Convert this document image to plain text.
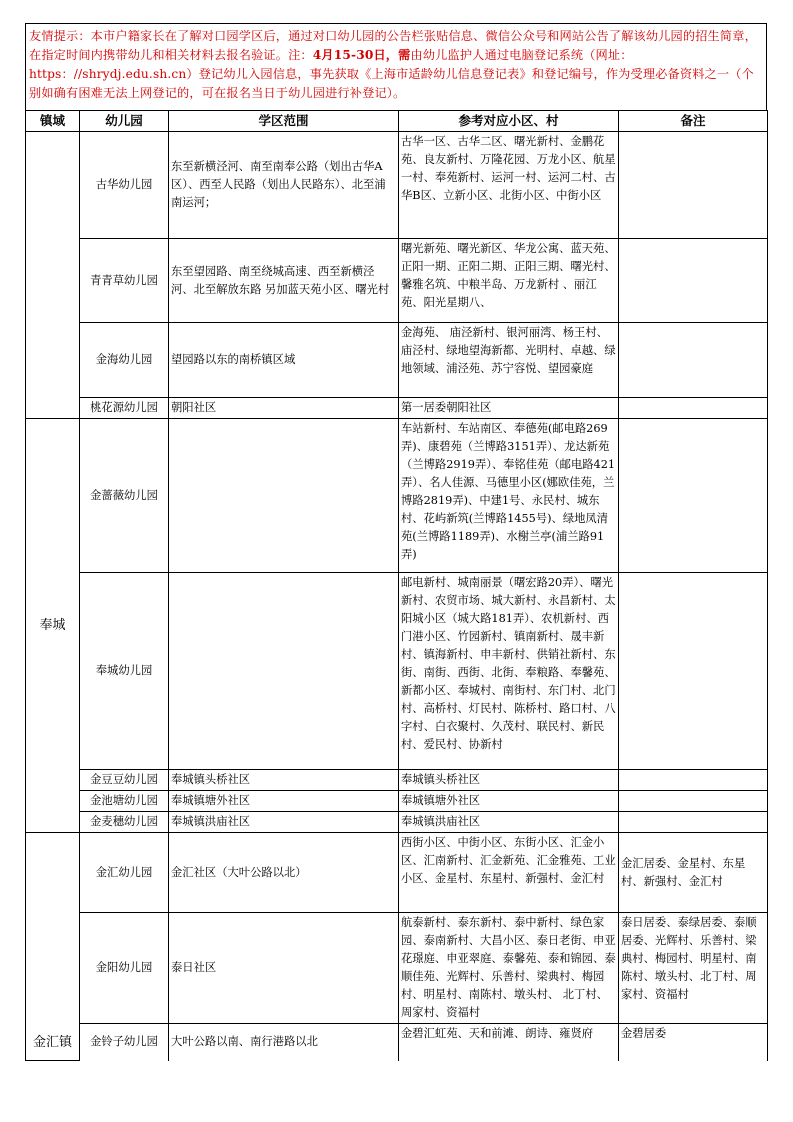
友情提示：本市户籍家长在了解对口园学区后，通过对口幼儿园的公告栏张贴信息、微信公众号和网站公告了解该幼儿园的招生简章，在指定时间内携带幼儿和相关材料去报名验证。注：4月15-30日，需由幼儿监护人通过电脑登记系统（网址：https：//shrydj.edu.sh.cn）登记幼儿入园信息，事先获取《上海市适龄幼儿信息登记表》和登记编号，作为受理必备资料之一（个别如确有困难无法上网登记的，可在报名当日于幼儿园进行补登记）。
镇域	幼儿园	学区范围	参考对应小区、村	备注
	古华幼儿园	东至新横泾河、南至南奉公路（划出古华A区）、西至人民路（划出人民路东）、北至浦南运河；	古华一区、古华二区、曙光新村、金鹏花苑、良友新村、万隆花园、万龙小区、航星一村、奉苑新村、运河一村、运河二村、古华B区、立新小区、北街小区、中街小区	
	青青草幼儿园	东至望园路、南至绕城高速、西至新横泾河、北至解放东路 另加蓝天苑小区、曙光村	曙光新苑、曙光新区、华龙公寓、蓝天苑、正阳一期、正阳二期、正阳三期、曙光村、馨雅名筑、中粮半岛、万龙新村 、丽江苑、阳光星期八、	
	金海幼儿园	望园路以东的南桥镇区域	金海苑、 庙泾新村、银河丽湾、杨王村、庙泾村、绿地望海新都、光明村、卓越、绿地领域、浦泾苑、苏宁容悦、望园豪庭	
	桃花源幼儿园	朝阳社区	第一居委朝阳社区	
奉城	金蔷薇幼儿园		车站新村、车站南区、奉德苑(邮电路269弄)、康碧苑（兰博路3151弄）、龙达新苑（兰博路2919弄）、奉铭佳苑（邮电路421弄）、名人佳源、马德里小区(娜欧佳苑，兰博路2819弄)、中建1号、永民村、城东村、花屿新筑(兰博路1455号)、绿地凤清苑(兰博路1189弄)、水榭兰亭(浦兰路91弄)	
	奉城幼儿园		邮电新村、城南丽景（曙宏路20弄）、曙光新村、农贸市场、城大新村、永昌新村、太阳城小区（城大路181弄）、农机新村、西门港小区、竹园新村、镇南新村、晟丰新村、镇海新村、申丰新村、供销社新村、东街、南街、西街、北街、奉粮路、奉馨苑、新都小区、奉城村、南街村、东门村、北门村、高桥村、灯民村、陈桥村、路口村、八字村、白衣聚村、久茂村、联民村、新民村、爱民村、协新村	
	金豆豆幼儿园	奉城镇头桥社区	奉城镇头桥社区	
	金池塘幼儿园	奉城镇塘外社区	奉城镇塘外社区	
	金麦穗幼儿园	奉城镇洪庙社区	奉城镇洪庙社区	
金汇镇	金汇幼儿园	金汇社区（大叶公路以北）	西街小区、中街小区、东街小区、汇金小区、汇南新村、汇金新苑、汇金雅苑、工业小区、金星村、东星村、新强村、金汇村	金汇居委、金星村、东星村、新强村、金汇村
	金阳幼儿园	泰日社区	航泰新村、泰东新村、泰中新村、绿色家园、泰南新村、大昌小区、泰日老街、申亚花璟庭、申亚翠庭、泰馨苑、泰和锦园、泰顺佳苑、光辉村、乐善村、梁典村、梅园村、明星村、南陈村、墩头村、 北丁村、周家村、资福村	泰日居委、泰绿居委、泰顺居委、光辉村、乐善村、梁典村、梅园村、明星村、南陈村、墩头村、北丁村、周家村、资福村
	金铃子幼儿园	大叶公路以南、南行港路以北	金碧汇虹苑、天和前滩、朗诗、雍贤府	金碧居委
